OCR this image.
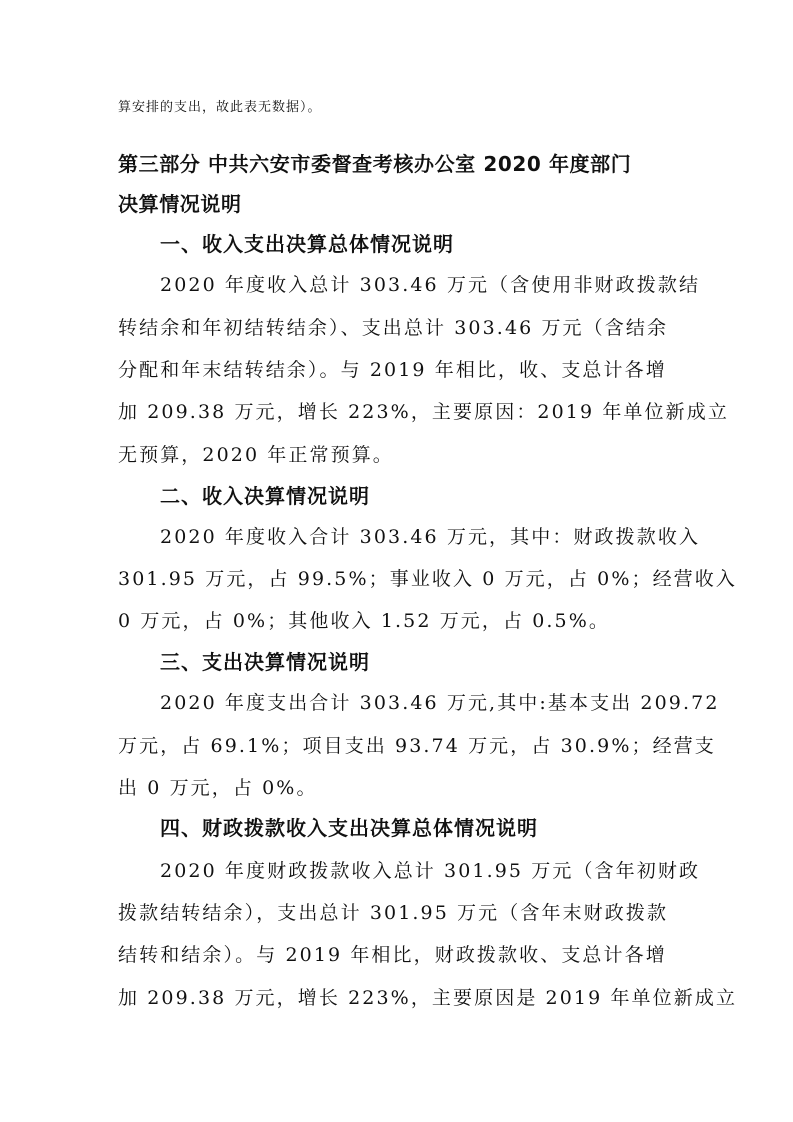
算安排的支出，故此表无数据）。

第三部分 中共六安市委督查考核办公室 2020 年度部门

决算情况说明

一、收入支出决算总体情况说明

2020 年度收入总计 303.46 万元（含使用非财政拨款结

转结余和年初结转结余）、支出总计 303.46 万元（含结余

分配和年末结转结余）。与 2019 年相比，收、支总计各增

加 209.38 万元，增长 223%，主要原因：2019 年单位新成立

无预算，2020 年正常预算。

二、收入决算情况说明

2020 年度收入合计 303.46 万元，其中：财政拨款收入

301.95 万元，占 99.5%；事业收入 0 万元，占 0%；经营收入

0 万元，占 0%；其他收入 1.52 万元，占 0.5%。

三、支出决算情况说明

2020 年度支出合计 303.46 万元,其中:基本支出 209.72

万元，占 69.1%；项目支出 93.74 万元，占 30.9%；经营支

出 0 万元，占 0%。

四、财政拨款收入支出决算总体情况说明

2020 年度财政拨款收入总计 301.95 万元（含年初财政

拨款结转结余），支出总计 301.95 万元（含年末财政拨款

结转和结余）。与 2019 年相比，财政拨款收、支总计各增

加 209.38 万元，增长 223%，主要原因是 2019 年单位新成立
